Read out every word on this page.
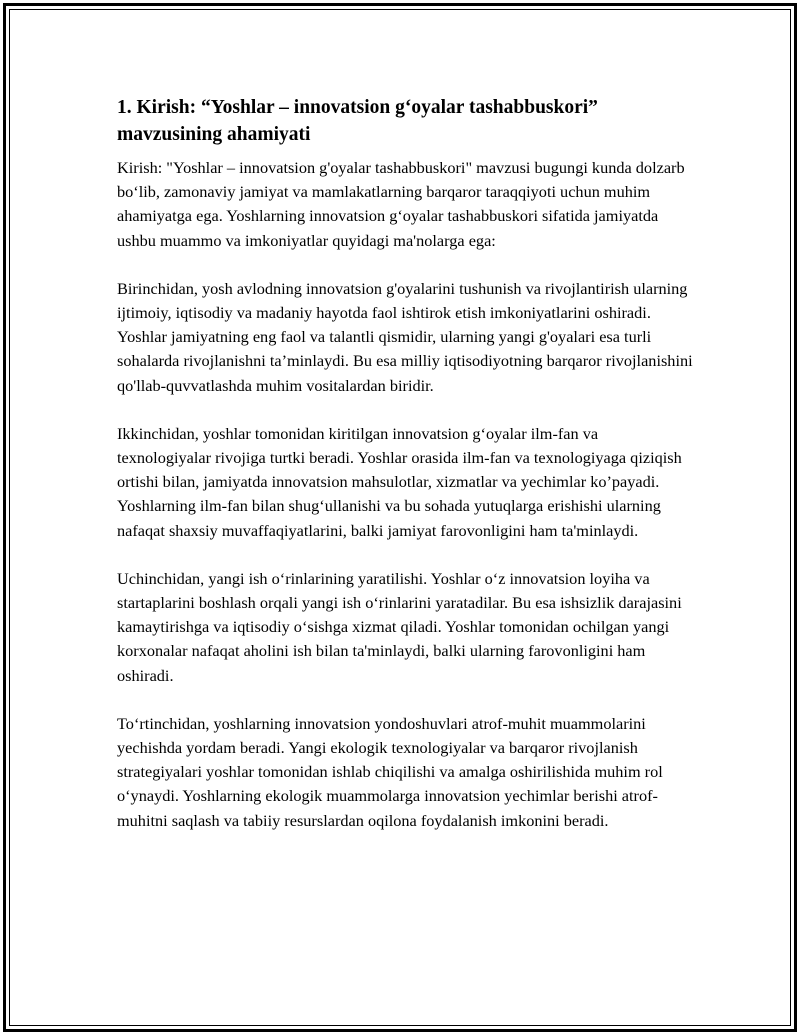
1. Kirish: “Yoshlar – innovatsion g‘oyalar tashabbuskori” mavzusining ahamiyati

Kirish: "Yoshlar – innovatsion g'oyalar tashabbuskori" mavzusi bugungi kunda dolzarb bo‘lib, zamonaviy jamiyat va mamlakatlarning barqaror taraqqiyoti uchun muhim ahamiyatga ega. Yoshlarning innovatsion g‘oyalar tashabbuskori sifatida jamiyatda ushbu muammo va imkoniyatlar quyidagi ma'nolarga ega:

Birinchidan, yosh avlodning innovatsion g'oyalarini tushunish va rivojlantirish ularning ijtimoiy, iqtisodiy va madaniy hayotda faol ishtirok etish imkoniyatlarini oshiradi. Yoshlar jamiyatning eng faol va talantli qismidir, ularning yangi g'oyalari esa turli sohalarda rivojlanishni ta’minlaydi. Bu esa milliy iqtisodiyotning barqaror rivojlanishini qo'llab-quvvatlashda muhim vositalardan biridir.

Ikkinchidan, yoshlar tomonidan kiritilgan innovatsion g‘oyalar ilm-fan va texnologiyalar rivojiga turtki beradi. Yoshlar orasida ilm-fan va texnologiyaga qiziqish ortishi bilan, jamiyatda innovatsion mahsulotlar, xizmatlar va yechimlar ko’payadi. Yoshlarning ilm-fan bilan shug‘ullanishi va bu sohada yutuqlarga erishishi ularning nafaqat shaxsiy muvaffaqiyatlarini, balki jamiyat farovonligini ham ta'minlaydi.

Uchinchidan, yangi ish o‘rinlarining yaratilishi. Yoshlar o‘z innovatsion loyiha va startaplarini boshlash orqali yangi ish o‘rinlarini yaratadilar. Bu esa ishsizlik darajasini kamaytirishga va iqtisodiy o‘sishga xizmat qiladi. Yoshlar tomonidan ochilgan yangi korxonalar nafaqat aholini ish bilan ta'minlaydi, balki ularning farovonligini ham oshiradi.

To‘rtinchidan, yoshlarning innovatsion yondoshuvlari atrof-muhit muammolarini yechishda yordam beradi. Yangi ekologik texnologiyalar va barqaror rivojlanish strategiyalari yoshlar tomonidan ishlab chiqilishi va amalga oshirilishida muhim rol o‘ynaydi. Yoshlarning ekologik muammolarga innovatsion yechimlar berishi atrof-muhitni saqlash va tabiiy resurslardan oqilona foydalanish imkonini beradi.
